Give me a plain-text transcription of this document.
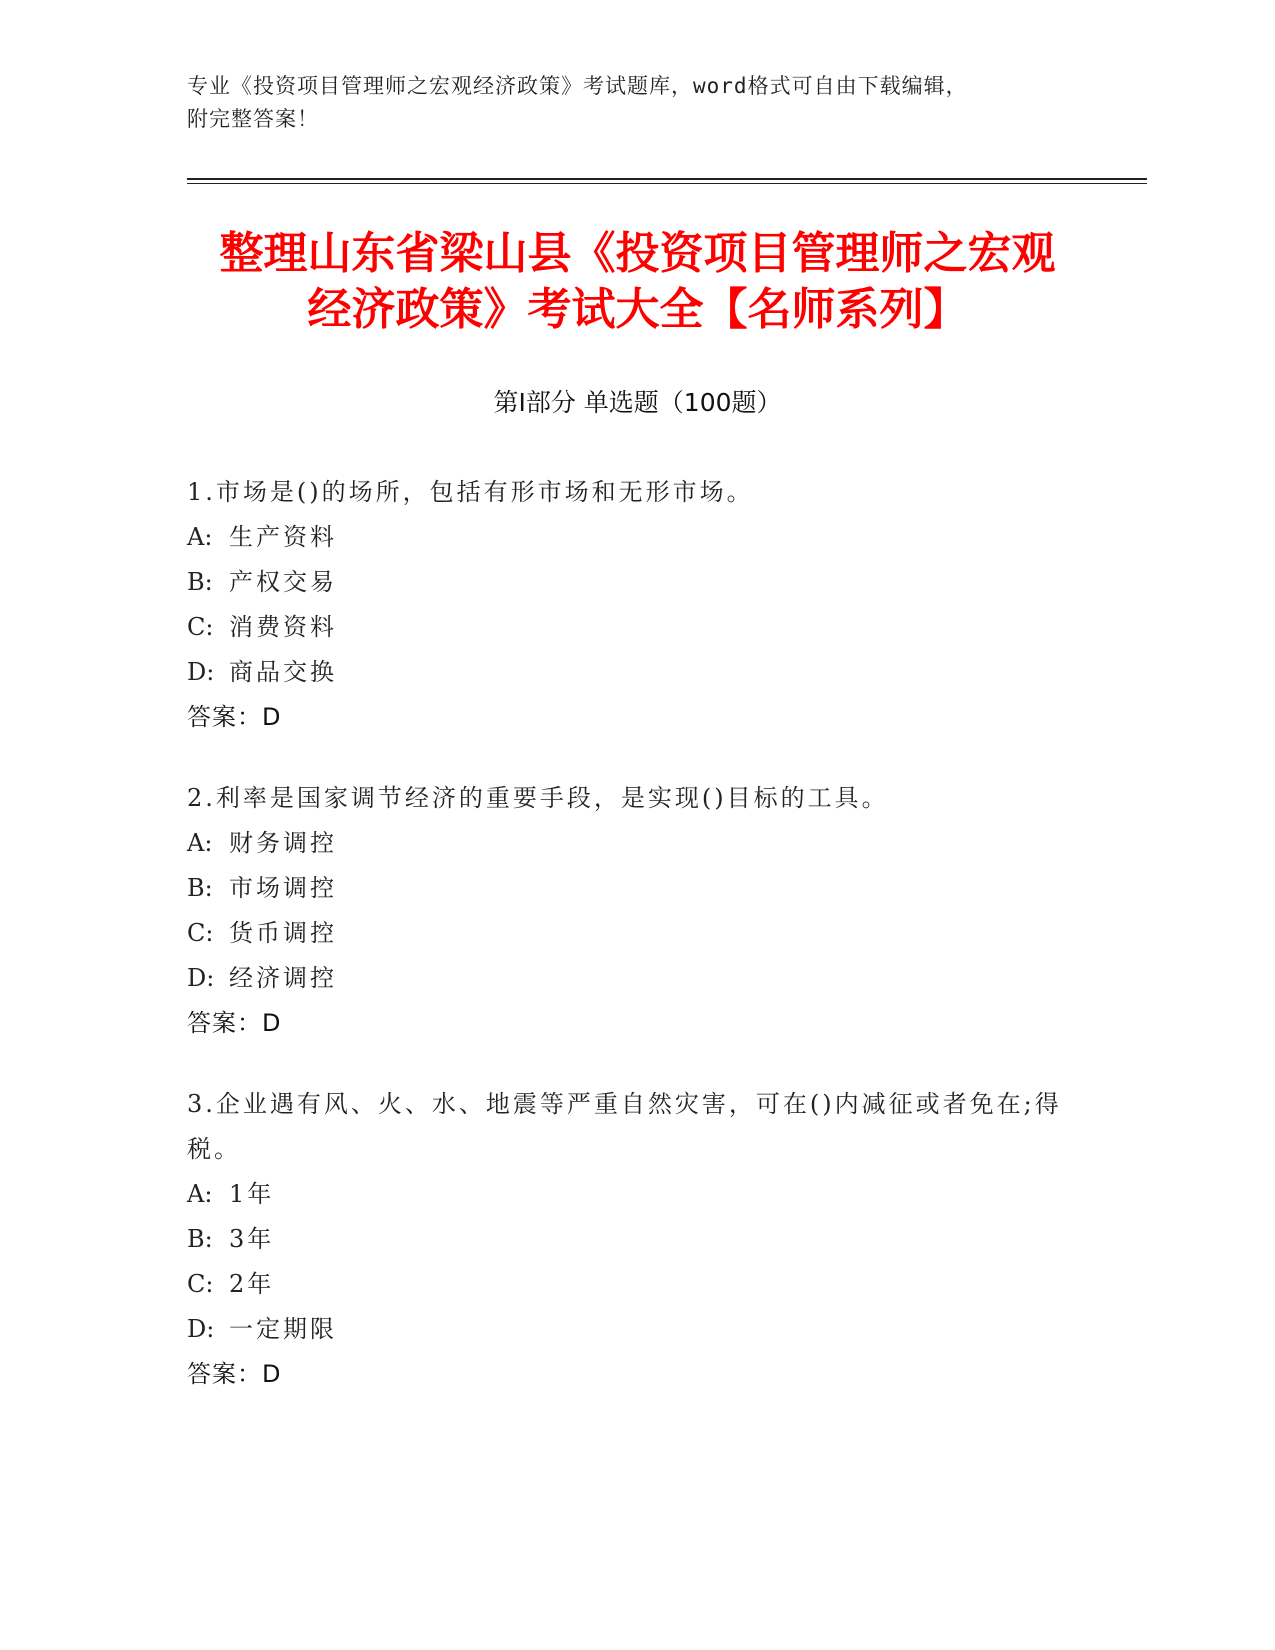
专业《投资项目管理师之宏观经济政策》考试题库，word格式可自由下载编辑，
附完整答案！
整理山东省梁山县《投资项目管理师之宏观
经济政策》考试大全【名师系列】
第Ⅰ部分 单选题（100题）
1.市场是()的场所，包括有形市场和无形市场。
A: 生产资料
B: 产权交易
C: 消费资料
D: 商品交换
答案：D
2.利率是国家调节经济的重要手段，是实现()目标的工具。
A: 财务调控
B: 市场调控
C: 货币调控
D: 经济调控
答案：D
3.企业遇有风、火、水、地震等严重自然灾害，可在()内减征或者免在;得税。
A: 1年
B: 3年
C: 2年
D: 一定期限
答案：D
